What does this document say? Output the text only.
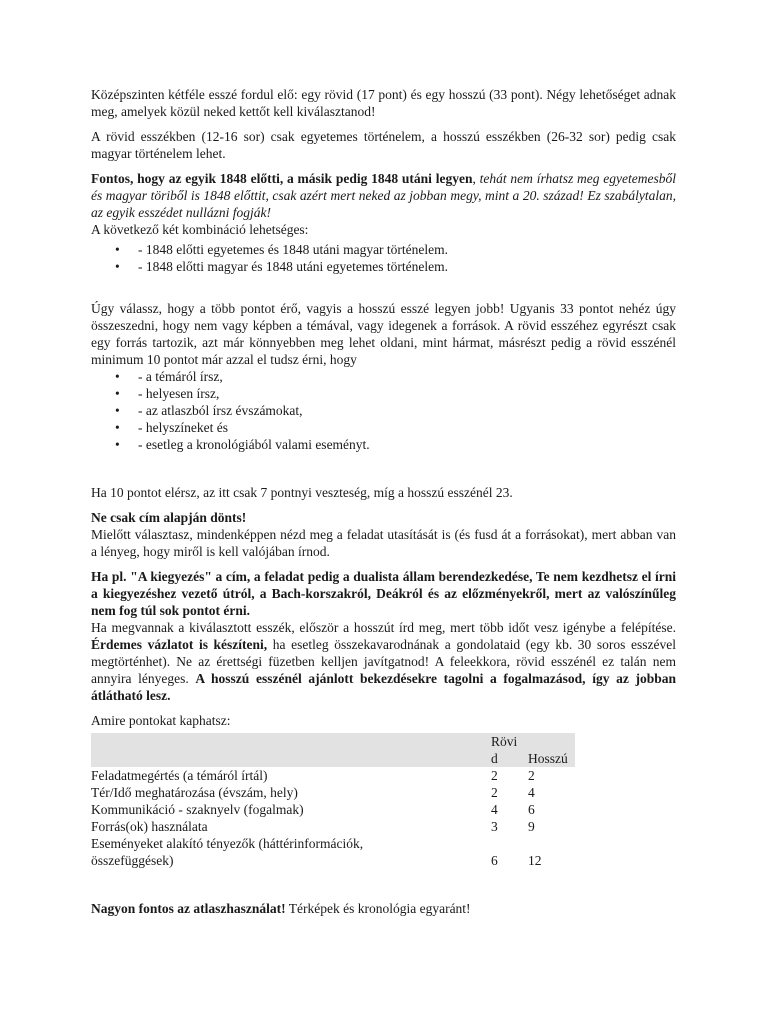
Középszinten kétféle esszé fordul elő: egy rövid (17 pont) és egy hosszú (33 pont). Négy lehetőséget adnak meg, amelyek közül neked kettőt kell kiválasztanod!

A rövid esszékben (12-16 sor) csak egyetemes történelem, a hosszú esszékben (26-32 sor) pedig csak magyar történelem lehet.

Fontos, hogy az egyik 1848 előtti, a másik pedig 1848 utáni legyen, tehát nem írhatsz meg egyetemesből és magyar töriből is 1848 előttit, csak azért mert neked az jobban megy, mint a 20. század! Ez szabálytalan, az egyik esszédet nullázni fogják!

A következő két kombináció lehetséges:

• - 1848 előtti egyetemes és 1848 utáni magyar történelem.
• - 1848 előtti magyar és 1848 utáni egyetemes történelem.

Úgy válassz, hogy a több pontot érő, vagyis a hosszú esszé legyen jobb! Ugyanis 33 pontot nehéz úgy összeszedni, hogy nem vagy képben a témával, vagy idegenek a források. A rövid esszéhez egyrészt csak egy forrás tartozik, azt már könnyebben meg lehet oldani, mint hármat, másrészt pedig a rövid esszénél minimum 10 pontot már azzal el tudsz érni, hogy

• - a témáról írsz,
• - helyesen írsz,
• - az atlaszból írsz évszámokat,
• - helyszíneket és
• - esetleg a kronológiából valami eseményt.

Ha 10 pontot elérsz, az itt csak 7 pontnyi veszteség, míg a hosszú esszénél 23.

Ne csak cím alapján dönts!
Mielőtt választasz, mindenképpen nézd meg a feladat utasítását is (és fusd át a forrásokat), mert abban van a lényeg, hogy miről is kell valójában írnod.

Ha pl. "A kiegyezés" a cím, a feladat pedig a dualista állam berendezkedése, Te nem kezdhetsz el írni a kiegyezéshez vezető útról, a Bach-korszakról, Deákról és az előzményekről, mert az valószínűleg nem fog túl sok pontot érni.
Ha megvannak a kiválasztott esszék, először a hosszút írd meg, mert több időt vesz igénybe a felépítése. Érdemes vázlatot is készíteni, ha esetleg összekavarodnának a gondolataid (egy kb. 30 soros esszével megtörténhet). Ne az érettségi füzetben kelljen javítgatnod! A feleekkora, rövid esszénél ez talán nem annyira lényeges. A hosszú esszénél ajánlott bekezdésekre tagolni a fogalmazásod, így az jobban átlátható lesz.

Amire pontokat kaphatsz:

	Rövid	Hosszú
Feladatmegértés (a témáról írtál)	2	2
Tér/Idő meghatározása (évszám, hely)	2	4
Kommunikáció - szaknyelv (fogalmak)	4	6
Forrás(ok) használata	3	9

Eseményeket alakító tényezők (háttérinformációk,
összefüggések)	6	12

Nagyon fontos az atlaszhasználat! Térképek és kronológia egyaránt!
